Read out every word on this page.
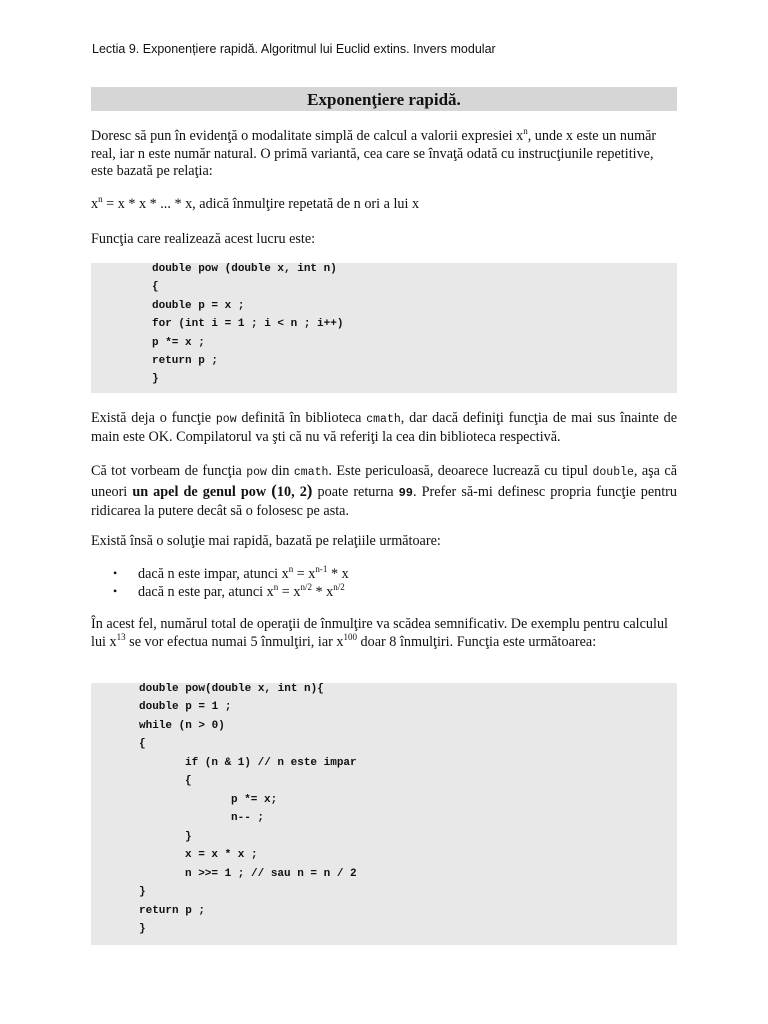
Lectia 9. Exponențiere rapidă. Algoritmul lui Euclid extins. Invers modular
Exponenţiere rapidă.
Doresc să pun în evidenţă o modalitate simplă de calcul a valorii expresiei $x^n$, unde x este un număr real, iar n este număr natural. O primă variantă, cea care se învaţă odată cu instrucţiunile repetitive, este bazată pe relaţia:
$x^n = x * x$ * ... * x, adică înmulţire repetată de n ori a lui x
Funcţia care realizează acest lucru este:
double pow (double x, int n)
{
double p = x ;
for (int i = 1 ; i < n ; i++)
p *= x ;
return p ;
}
Există deja o funcţie pow definită în biblioteca cmath, dar dacă definiţi funcţia de mai sus înainte de main este OK. Compilatorul va şti că nu vă referiţi la cea din biblioteca respectivă.
Că tot vorbeam de funcţia pow din cmath. Este periculoasă, deoarece lucrează cu tipul double, aşa că uneori un apel de genul pow (10, 2) poate returna 99. Prefer să-mi definesc propria funcţie pentru ridicarea la putere decât să o folosesc pe asta.
Există însă o soluţie mai rapidă, bazată pe relaţiile următoare:
• dacă n este impar, atunci $x^n = x^{n-1} * x$
• dacă n este par, atunci $x^n = x^{n/2} * x^{n/2}$
În acest fel, numărul total de operaţii de înmulţire va scădea semnificativ. De exemplu pentru calculul lui $x^{13}$ se vor efectua numai 5 înmulţiri, iar $x^{100}$ doar 8 înmulţiri. Funcţia este următoarea:
double pow(double x, int n){
double p = 1 ;
while (n > 0)
{
if (n & 1) // n este impar
{
p *= x;
n-- ;
}
x = x * x ;
n >>= 1 ; // sau n = n / 2
}
return p ;
}
